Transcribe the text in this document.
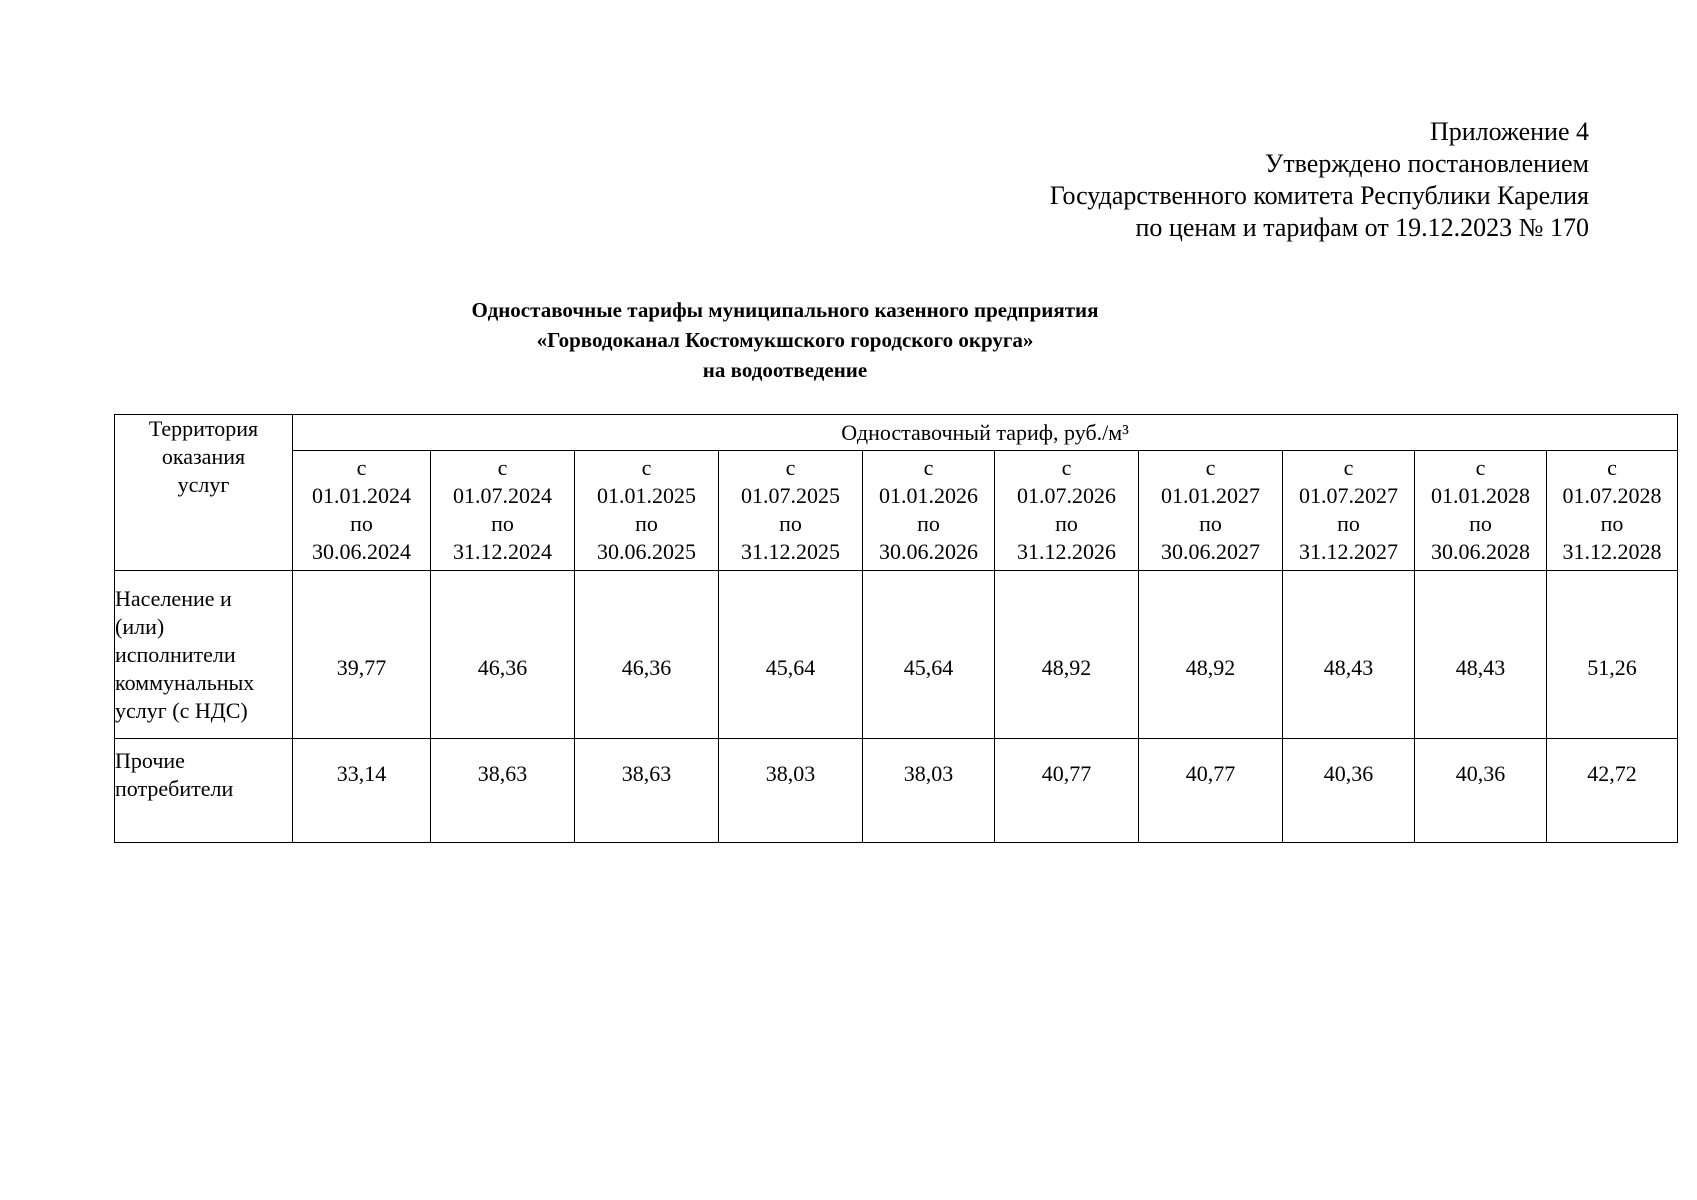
Приложение 4
Утверждено постановлением
Государственного комитета Республики Карелия
по ценам и тарифам от 19.12.2023 № 170
Одноставочные тарифы муниципального казенного предприятия
«Горводоканал Костомукшского городского округа»
на водоотведение
Территория
оказания
услуг	Одноставочный тариф, руб./м³									

	с
01.01.2024
по
30.06.2024	с
01.07.2024
по
31.12.2024	с
01.01.2025
по
30.06.2025	с
01.07.2025
по
31.12.2025	с
01.01.2026
по
30.06.2026	с
01.07.2026
по
31.12.2026	с
01.01.2027
по
30.06.2027	с
01.07.2027
по
31.12.2027	с
01.01.2028
по
30.06.2028	с
01.07.2028
по
31.12.2028

Население и
(или)
исполнители
коммунальных
услуг (с НДС)	39,77	46,36	46,36	45,64	45,64	48,92	48,92	48,43	48,43	51,26
Прочие
потребители	33,14	38,63	38,63	38,03	38,03	40,77	40,77	40,36	40,36	42,72
